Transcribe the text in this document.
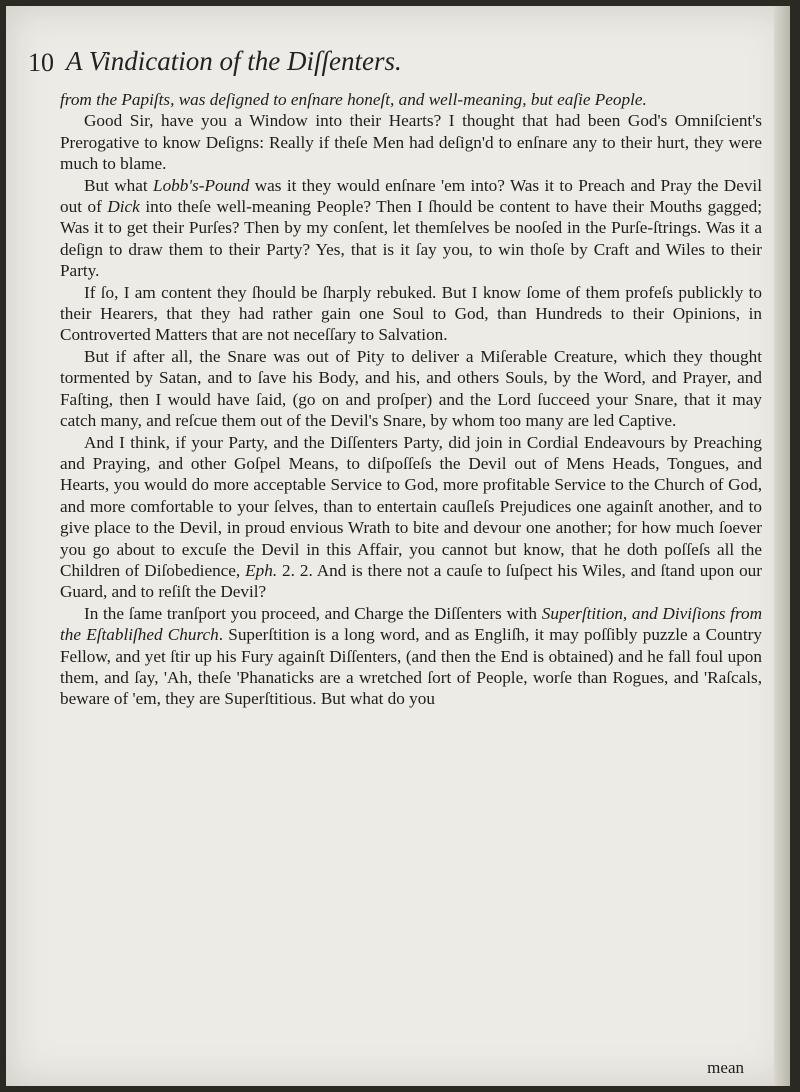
10 A Vindication of the Diſſenters.

from the Papiſts, was deſigned to enſnare honeſt, and well-meaning, but eaſie People.

Good Sir, have you a Window into their Hearts? I thought that had been God's Omniſcient's Prerogative to know Deſigns: Really if theſe Men had deſign'd to enſnare any to their hurt, they were much to blame.

But what Lobb's-Pound was it they would enſnare 'em into? Was it to Preach and Pray the Devil out of Dick into theſe well-meaning People? Then I ſhould be content to have their Mouths gagged; Was it to get their Purſes? Then by my conſent, let themſelves be nooſed in the Purſe-ſtrings. Was it a deſign to draw them to their Party? Yes, that is it ſay you, to win thoſe by Craft and Wiles to their Party.

If ſo, I am content they ſhould be ſharply rebuked. But I know ſome of them profeſs publickly to their Hearers, that they had rather gain one Soul to God, than Hundreds to their Opinions, in Controverted Matters that are not neceſſary to Salvation.

But if after all, the Snare was out of Pity to deliver a Miſerable Creature, which they thought tormented by Satan, and to ſave his Body, and his, and others Souls, by the Word, and Prayer, and Faſting, then I would have ſaid, (go on and proſper) and the Lord ſucceed your Snare, that it may catch many, and reſcue them out of the Devil's Snare, by whom too many are led Captive.

And I think, if your Party, and the Diſſenters Party, did join in Cordial Endeavours by Preaching and Praying, and other Goſpel Means, to diſpoſſeſs the Devil out of Mens Heads, Tongues, and Hearts, you would do more acceptable Service to God, more profitable Service to the Church of God, and more comfortable to your ſelves, than to entertain cauſleſs Prejudices one againſt another, and to give place to the Devil, in proud envious Wrath to bite and devour one another; for how much ſoever you go about to excuſe the Devil in this Affair, you cannot but know, that he doth poſſeſs all the Children of Diſobedience, Eph. 2. 2. And is there not a cauſe to ſuſpect his Wiles, and ſtand upon our Guard, and to reſiſt the Devil?

In the ſame tranſport you proceed, and Charge the Diſſenters with Superſtition, and Diviſions from the Eſtabliſhed Church. Superſtition is a long word, and as Engliſh, it may poſſibly puzzle a Country Fellow, and yet ſtir up his Fury againſt Diſſenters, (and then the End is obtained) and he fall foul upon them, and ſay, 'Ah, theſe 'Phanaticks are a wretched ſort of People, worſe than Rogues, and 'Raſcals, beware of 'em, they are Superſtitious. But what do you

mean
